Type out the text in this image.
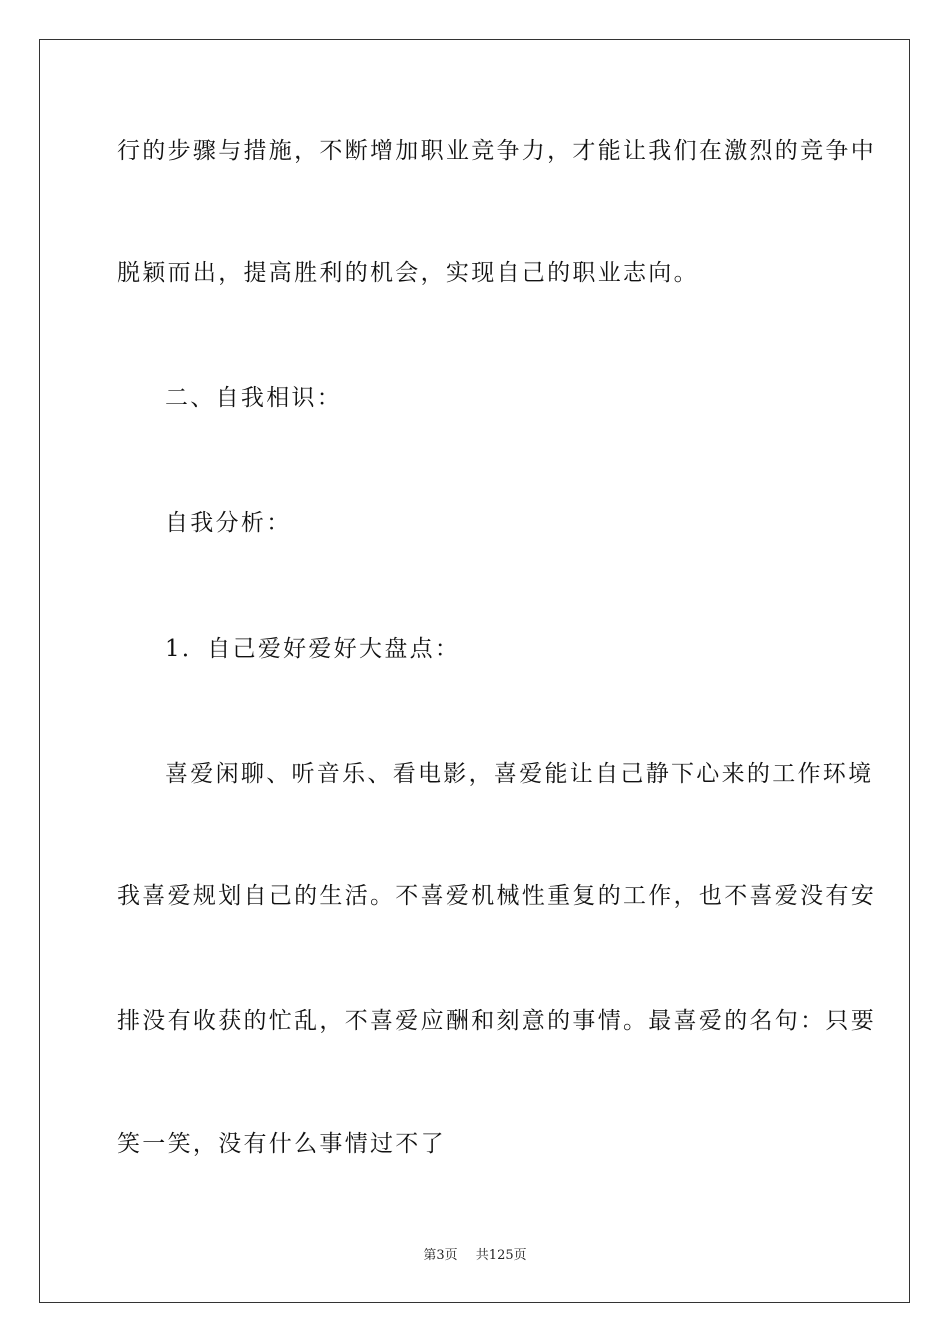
行的步骤与措施，不断增加职业竞争力，才能让我们在激烈的竞争中
脱颖而出，提高胜利的机会，实现自己的职业志向。
二、自我相识：
自我分析：
1．自己爱好爱好大盘点：
喜爱闲聊、听音乐、看电影，喜爱能让自己静下心来的工作环境
我喜爱规划自己的生活。不喜爱机械性重复的工作，也不喜爱没有安
排没有收获的忙乱，不喜爱应酬和刻意的事情。最喜爱的名句：只要
笑一笑，没有什么事情过不了
第3页 共125页
